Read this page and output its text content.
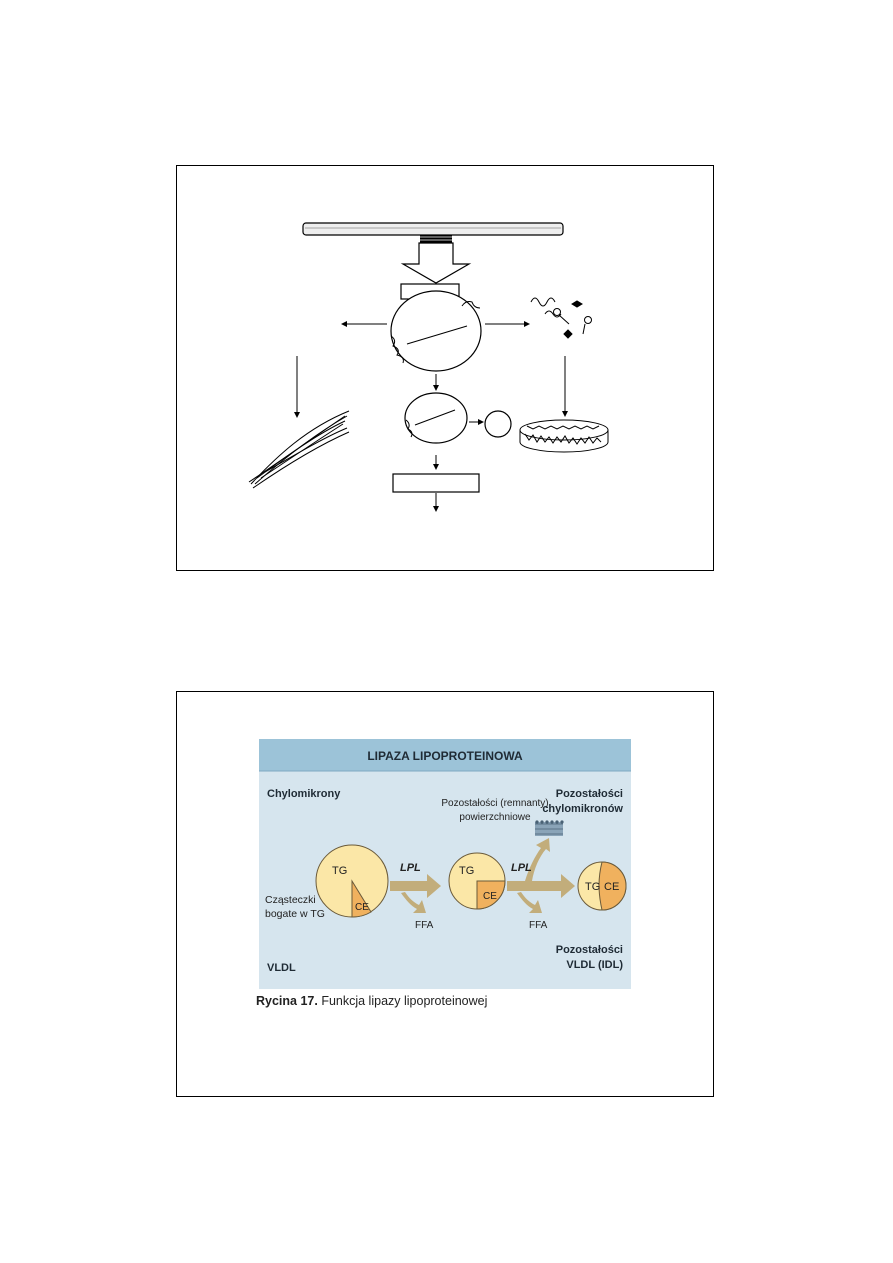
LIPAZA LIPOPROTEINOWA
Chylomikrony
Pozostałości (remnanty)
powierzchniowe
Pozostałości
chylomikronów
TG
CE
Cząsteczki
bogate w TG
LPL
FFA
TG
CE
LPL
FFA
TG CE
VLDL
Pozostałości
VLDL (IDL)
Rycina 17. Funkcja lipazy lipoproteinowej
